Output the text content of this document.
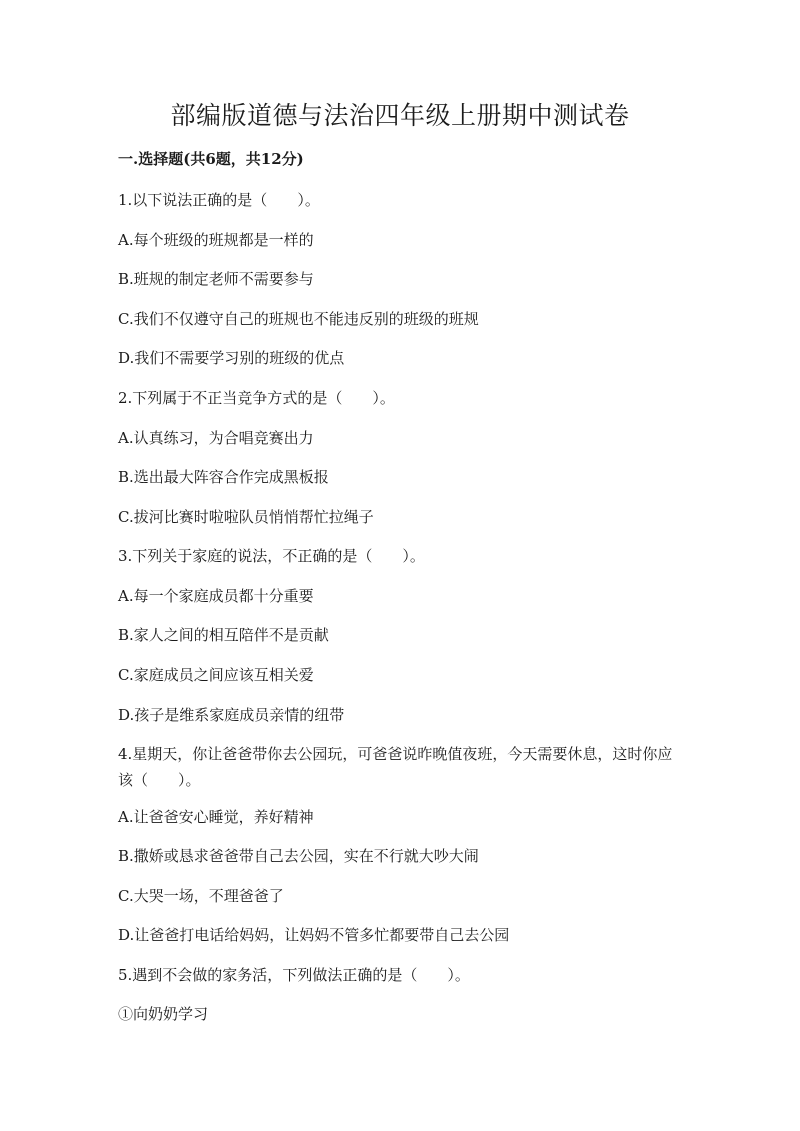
部编版道德与法治四年级上册期中测试卷
一.选择题(共6题，共12分)
1.以下说法正确的是（　　）。
A.每个班级的班规都是一样的
B.班规的制定老师不需要参与
C.我们不仅遵守自己的班规也不能违反别的班级的班规
D.我们不需要学习别的班级的优点
2.下列属于不正当竞争方式的是（　　）。
A.认真练习，为合唱竞赛出力
B.选出最大阵容合作完成黑板报
C.拔河比赛时啦啦队员悄悄帮忙拉绳子
3.下列关于家庭的说法，不正确的是（　　）。
A.每一个家庭成员都十分重要
B.家人之间的相互陪伴不是贡献
C.家庭成员之间应该互相关爱
D.孩子是维系家庭成员亲情的纽带
4.星期天，你让爸爸带你去公园玩，可爸爸说昨晚值夜班，今天需要休息，这时你应该（　　）。
A.让爸爸安心睡觉，养好精神
B.撒娇或恳求爸爸带自己去公园，实在不行就大吵大闹
C.大哭一场，不理爸爸了
D.让爸爸打电话给妈妈，让妈妈不管多忙都要带自己去公园
5.遇到不会做的家务活，下列做法正确的是（　　）。
①向奶奶学习
